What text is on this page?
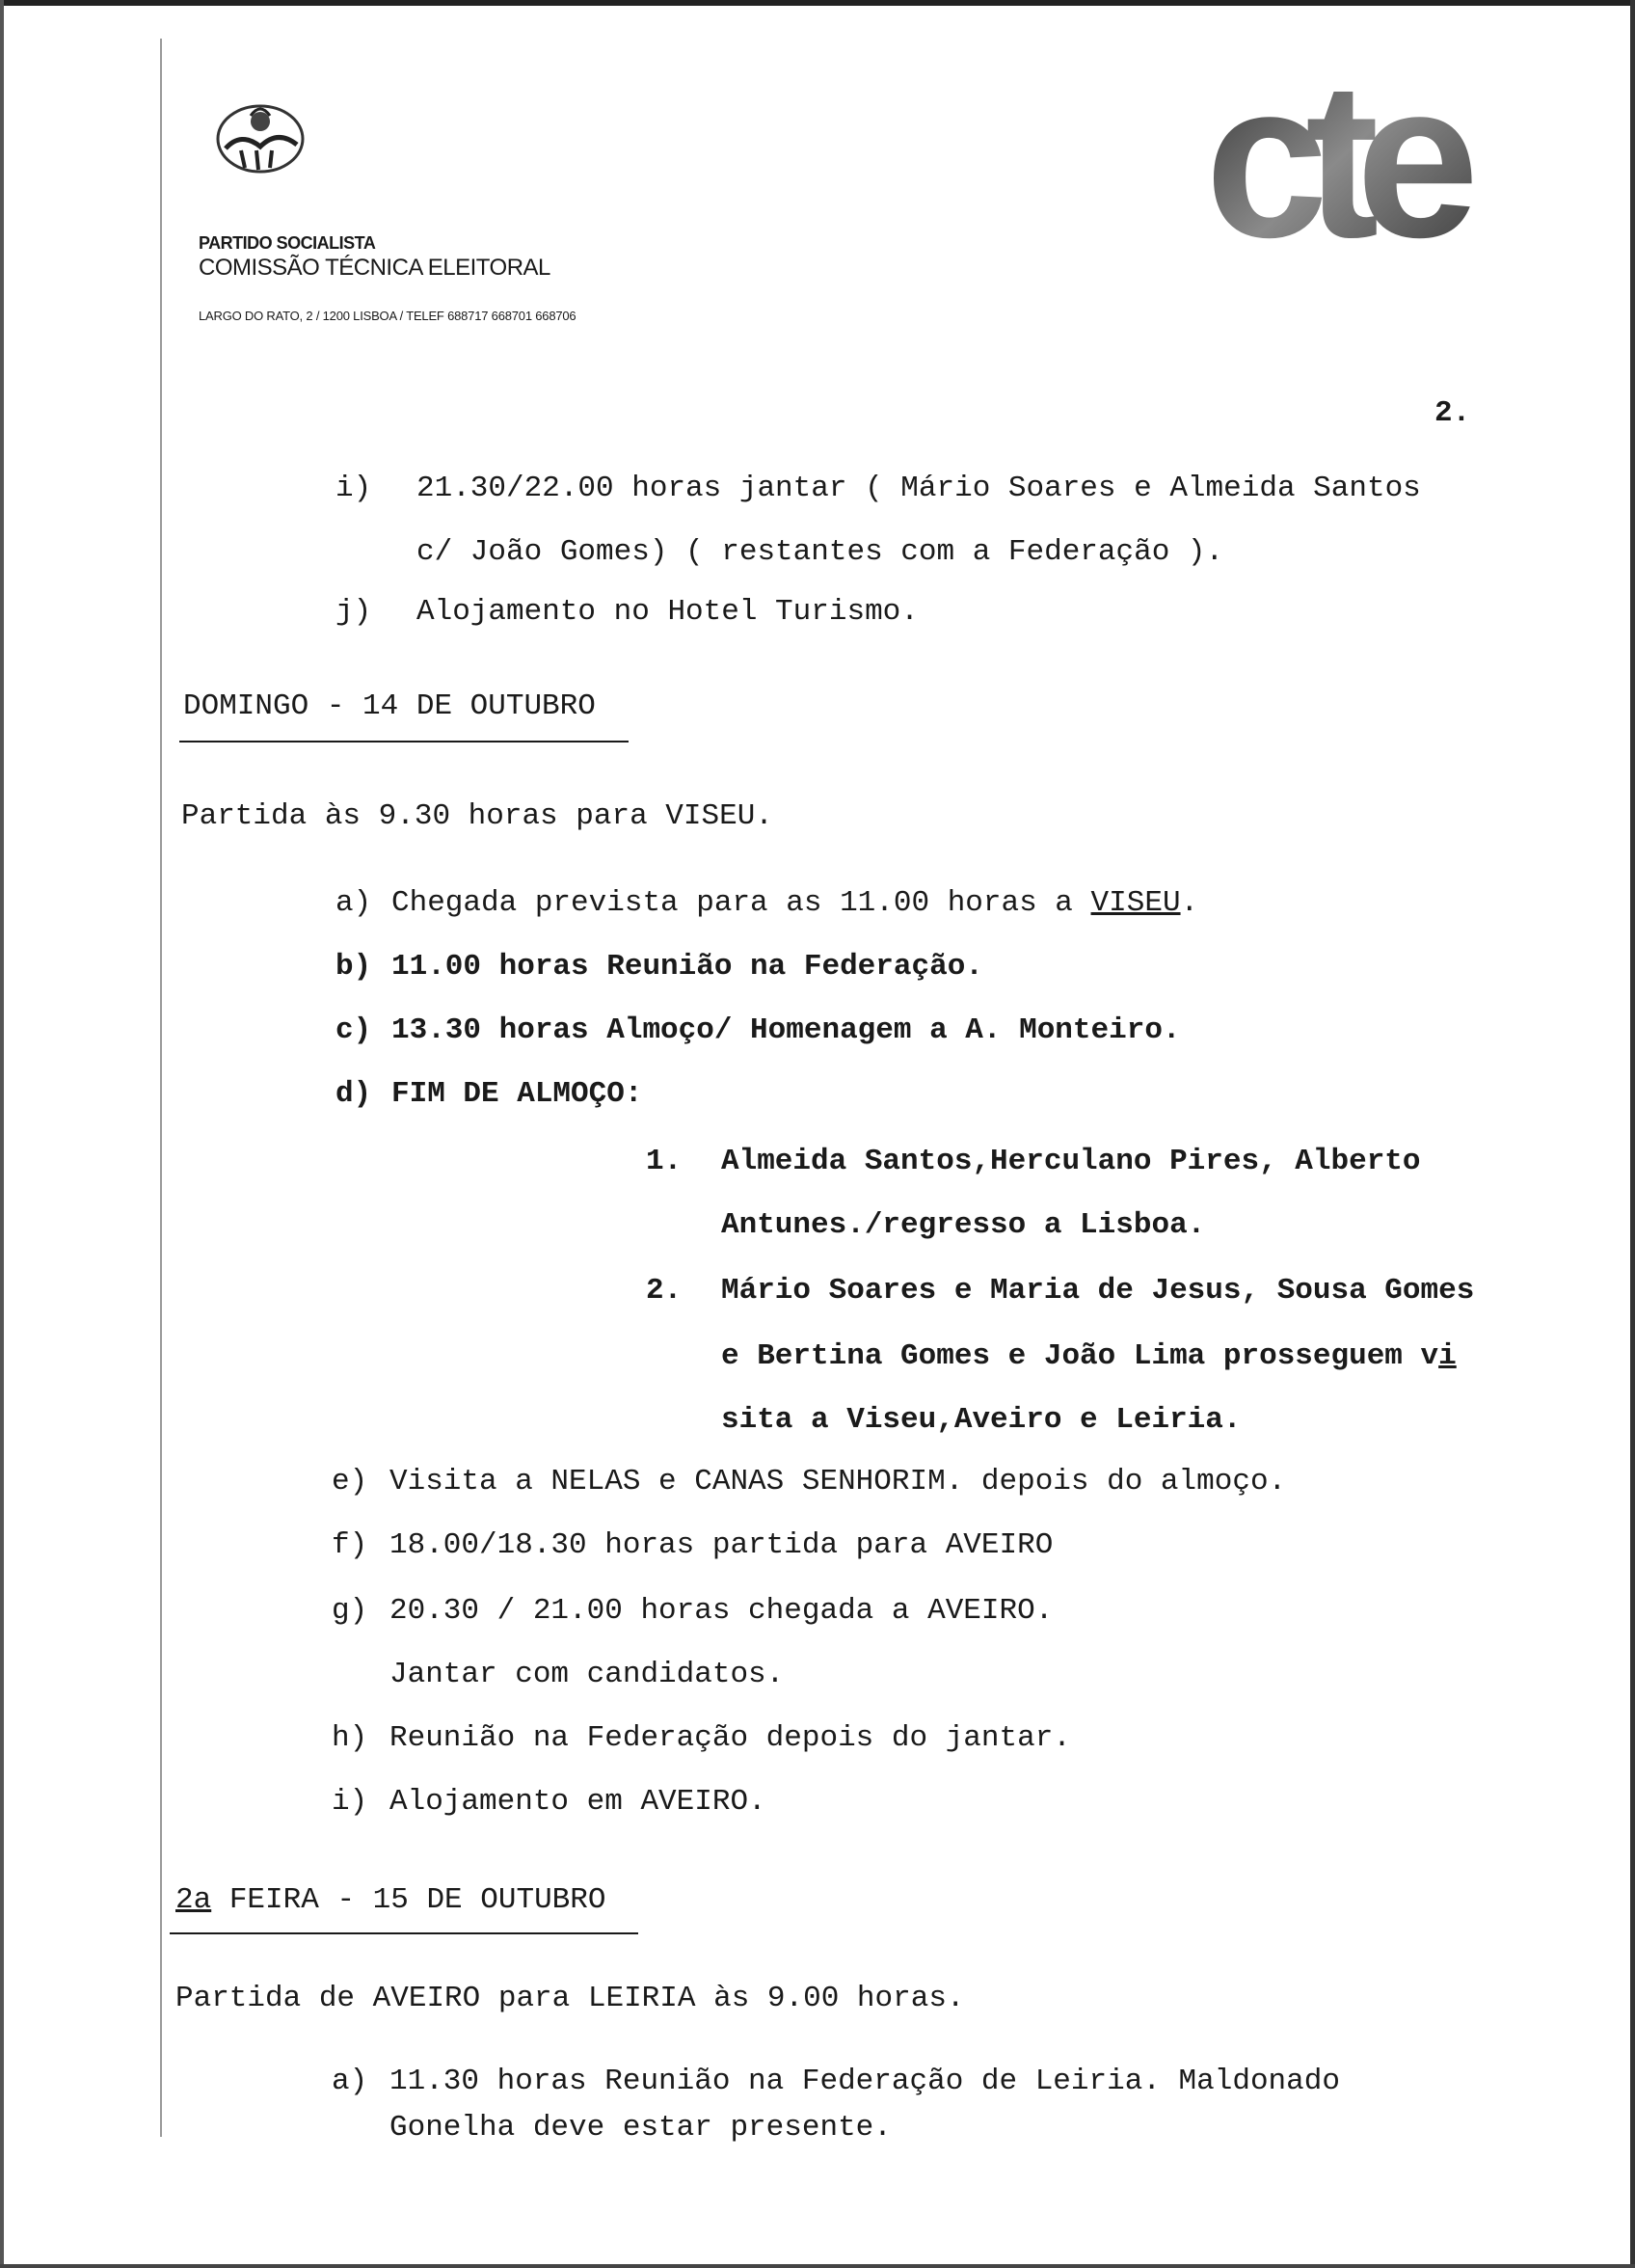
PARTIDO SOCIALISTA
COMISSÃO TÉCNICA ELEITORAL
LARGO DO RATO, 2 / 1200 LISBOA / TELEF 688717 668701 668706
cte
2.
i) 21.30/22.00 horas jantar ( Mário Soares e Almeida Santos
c/ João Gomes) ( restantes com a Federação ).
j) Alojamento no Hotel Turismo.
DOMINGO - 14 DE OUTUBRO
Partida às 9.30 horas para VISEU.
a) Chegada prevista para as 11.00 horas a VISEU.
b) 11.00 horas Reunião na Federação.
c) 13.30 horas Almoço/ Homenagem a A. Monteiro.
d) FIM DE ALMOÇO:
1. Almeida Santos,Herculano Pires, Alberto
Antunes./regresso a Lisboa.
2. Mário Soares e Maria de Jesus, Sousa Gomes
e Bertina Gomes e João Lima prosseguem vi
sita a Viseu,Aveiro e Leiria.
e) Visita a NELAS e CANAS SENHORIM. depois do almoço.
f) 18.00/18.30 horas partida para AVEIRO
g) 20.30 / 21.00 horas chegada a AVEIRO.
Jantar com candidatos.
h) Reunião na Federação depois do jantar.
i) Alojamento em AVEIRO.
2a FEIRA - 15 DE OUTUBRO
Partida de AVEIRO para LEIRIA às 9.00 horas.
a) 11.30 horas Reunião na Federação de Leiria. Maldonado
Gonelha deve estar presente.
